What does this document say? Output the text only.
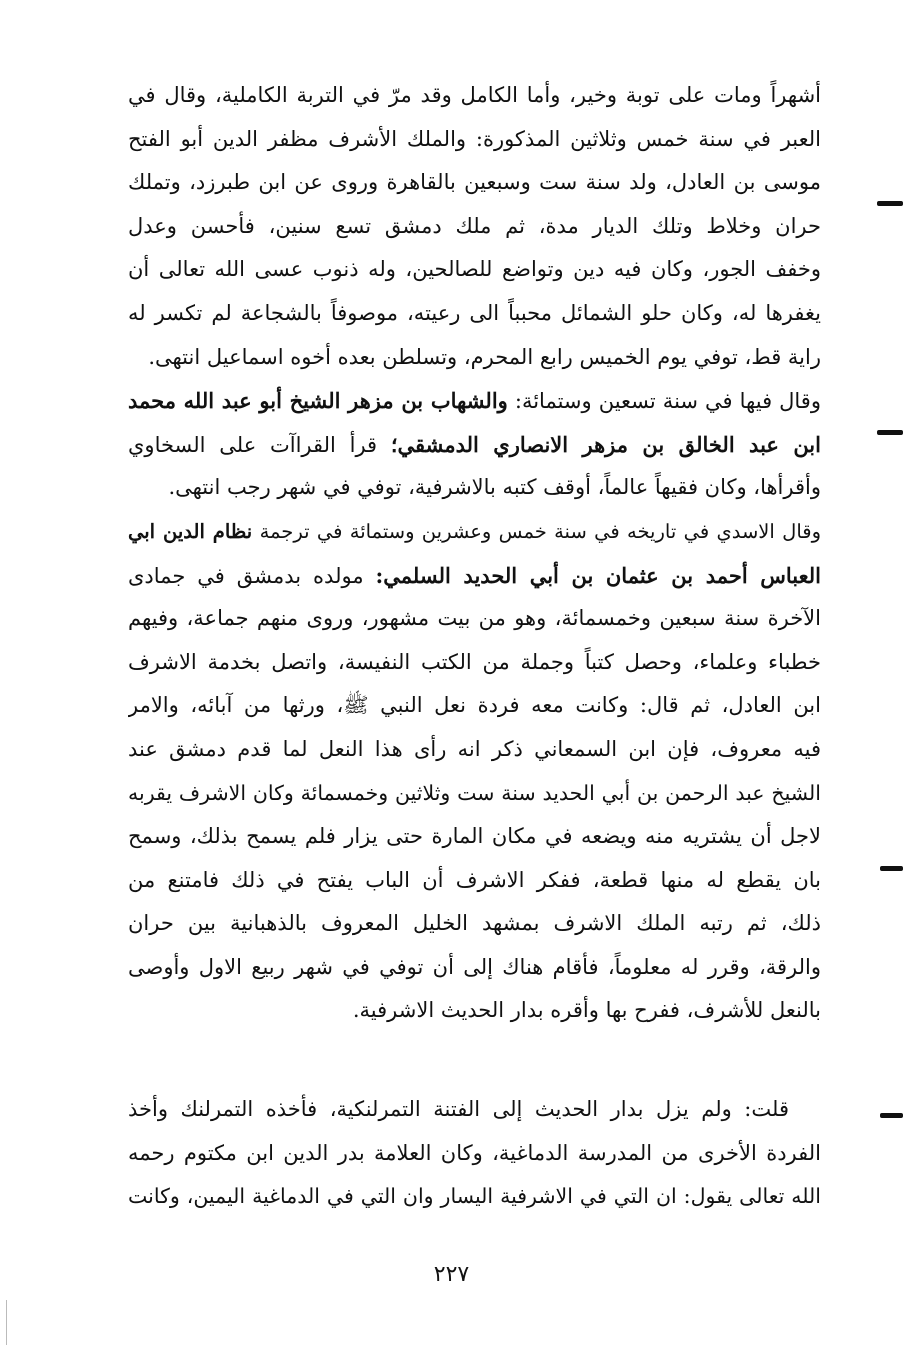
أشهراً ومات على توبة وخير، وأما الكامل وقد مرّ في التربة الكاملية، وقال في
العبر في سنة خمس وثلاثين المذكورة: والملك الأشرف مظفر الدين أبو الفتح
موسى بن العادل، ولد سنة ست وسبعين بالقاهرة وروى عن ابن طبرزد، وتملك
حران وخلاط وتلك الديار مدة، ثم ملك دمشق تسع سنين، فأحسن وعدل
وخفف الجور، وكان فيه دين وتواضع للصالحين، وله ذنوب عسى الله تعالى أن
يغفرها له، وكان حلو الشمائل محبباً الى رعيته، موصوفاً بالشجاعة لم تكسر له
راية قط، توفي يوم الخميس رابع المحرم، وتسلطن بعده أخوه اسماعيل انتهى.
وقال فيها في سنة تسعين وستمائة: والشهاب بن مزهر الشيخ أبو عبد الله محمد
ابن عبد الخالق بن مزهر الانصاري الدمشقي؛ قرأ القراآت على السخاوي
وأقرأها، وكان فقيهاً عالماً، أوقف كتبه بالاشرفية، توفي في شهر رجب انتهى.
وقال الاسدي في تاريخه في سنة خمس وعشرين وستمائة في ترجمة نظام الدين ابي
العباس أحمد بن عثمان بن أبي الحديد السلمي: مولده بدمشق في جمادى
الآخرة سنة سبعين وخمسمائة، وهو من بيت مشهور، وروى منهم جماعة، وفيهم
خطباء وعلماء، وحصل كتباً وجملة من الكتب النفيسة، واتصل بخدمة الاشرف
ابن العادل، ثم قال: وكانت معه فردة نعل النبي ﷺ، ورثها من آبائه، والامر
فيه معروف، فإن ابن السمعاني ذكر انه رأى هذا النعل لما قدم دمشق عند
الشيخ عبد الرحمن بن أبي الحديد سنة ست وثلاثين وخمسمائة وكان الاشرف يقربه
لاجل أن يشتريه منه ويضعه في مكان المارة حتى يزار فلم يسمح بذلك، وسمح
بان يقطع له منها قطعة، ففكر الاشرف أن الباب يفتح في ذلك فامتنع من
ذلك، ثم رتبه الملك الاشرف بمشهد الخليل المعروف بالذهبانية بين حران
والرقة، وقرر له معلوماً، فأقام هناك إلى أن توفي في شهر ربيع الاول وأوصى
بالنعل للأشرف، ففرح بها وأقره بدار الحديث الاشرفية.
قلت: ولم يزل بدار الحديث إلى الفتنة التمرلنكية، فأخذه التمرلنك وأخذ
الفردة الأخرى من المدرسة الدماغية، وكان العلامة بدر الدين ابن مكتوم رحمه
الله تعالى يقول: ان التي في الاشرفية اليسار وان التي في الدماغية اليمين، وكانت
٢٢٧
